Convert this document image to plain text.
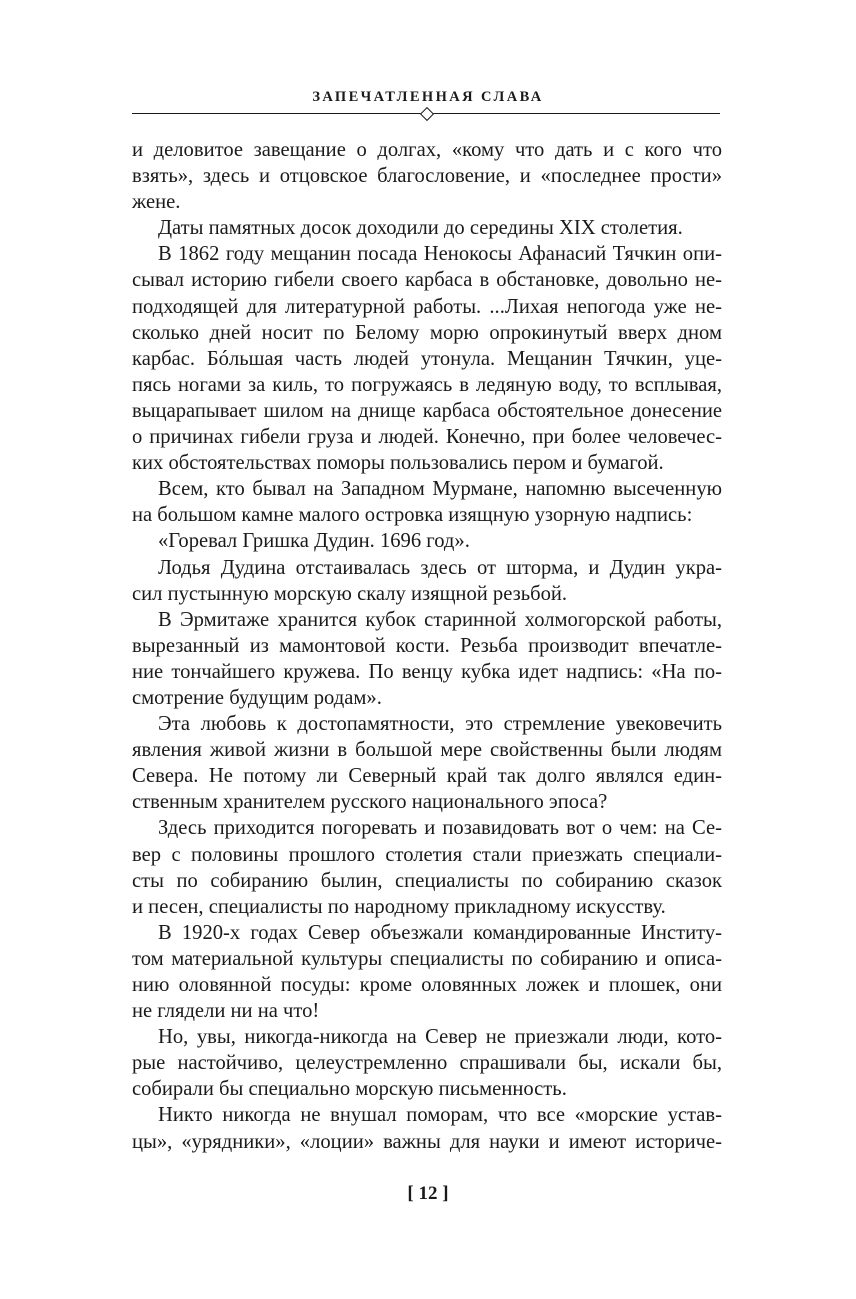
ЗАПЕЧАТЛЕННАЯ СЛАВА
и деловитое завещание о долгах, «кому что дать и с кого что
взять», здесь и отцовское благословение, и «последнее прости»
жене.
Даты памятных досок доходили до середины XIX столетия.
В 1862 году мещанин посада Ненокосы Афанасий Тячкин опи-
сывал историю гибели своего карбаса в обстановке, довольно не-
подходящей для литературной работы. ...Лихая непогода уже не-
сколько дней носит по Белому морю опрокинутый вверх дном
карбас. Бóльшая часть людей утонула. Мещанин Тячкин, уце-
пясь ногами за киль, то погружаясь в ледяную воду, то всплывая,
выцарапывает шилом на днище карбаса обстоятельное донесение
о причинах гибели груза и людей. Конечно, при более человечес-
ких обстоятельствах поморы пользовались пером и бумагой.
Всем, кто бывал на Западном Мурмане, напомню высеченную
на большом камне малого островка изящную узорную надпись:
«Горевал Гришка Дудин. 1696 год».
Лодья Дудина отстаивалась здесь от шторма, и Дудин укра-
сил пустынную морскую скалу изящной резьбой.
В Эрмитаже хранится кубок старинной холмогорской работы,
вырезанный из мамонтовой кости. Резьба производит впечатле-
ние тончайшего кружева. По венцу кубка идет надпись: «На по-
смотрение будущим родам».
Эта любовь к достопамятности, это стремление увековечить
явления живой жизни в большой мере свойственны были людям
Севера. Не потому ли Северный край так долго являлся един-
ственным хранителем русского национального эпоса?
Здесь приходится погоревать и позавидовать вот о чем: на Се-
вер с половины прошлого столетия стали приезжать специали-
сты по собиранию былин, специалисты по собиранию сказок
и песен, специалисты по народному прикладному искусству.
В 1920-х годах Север объезжали командированные Институ-
том материальной культуры специалисты по собиранию и описа-
нию оловянной посуды: кроме оловянных ложек и плошек, они
не глядели ни на что!
Но, увы, никогда-никогда на Север не приезжали люди, кото-
рые настойчиво, целеустремленно спрашивали бы, искали бы,
собирали бы специально морскую письменность.
Никто никогда не внушал поморам, что все «морские устав-
цы», «урядники», «лоции» важны для науки и имеют историче-
[ 12 ]
